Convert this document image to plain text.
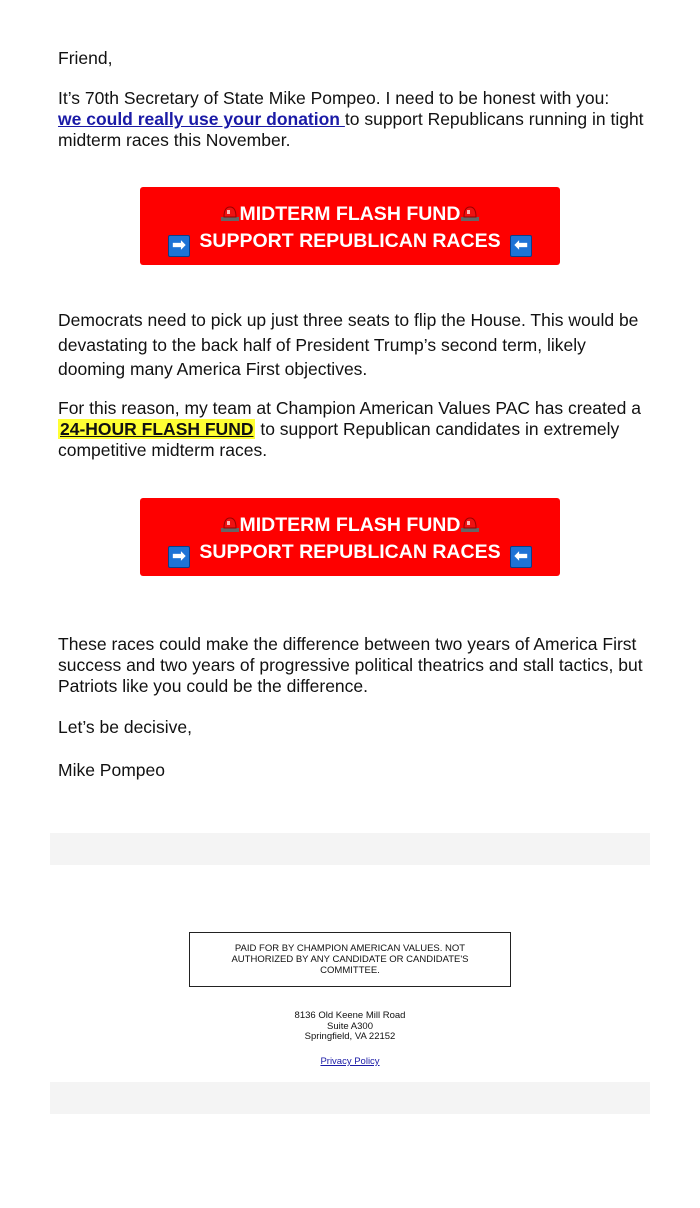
Friend,

It’s 70th Secretary of State Mike Pompeo. I need to be honest with you:
we could really use your donation to support Republicans running in tight midterm races this November.

Democrats need to pick up just three seats to flip the House. This would be devastating to the back half of President Trump’s second term, likely dooming many America First objectives.

For this reason, my team at Champion American Values PAC has created a 24-HOUR FLASH FUND to support Republican candidates in extremely competitive midterm races.

These races could make the difference between two years of America First success and two years of progressive political theatrics and stall tactics, but Patriots like you could be the difference.

Let’s be decisive,

Mike Pompeo

MIDTERM FLASH FUND
➡ SUPPORT REPUBLICAN RACES ⬅
MIDTERM FLASH FUND
➡ SUPPORT REPUBLICAN RACES ⬅
PAID FOR BY CHAMPION AMERICAN VALUES. NOT AUTHORIZED BY ANY CANDIDATE OR CANDIDATE'S COMMITTEE.
8136 Old Keene Mill Road
Suite A300
Springfield, VA 22152
Privacy Policy
